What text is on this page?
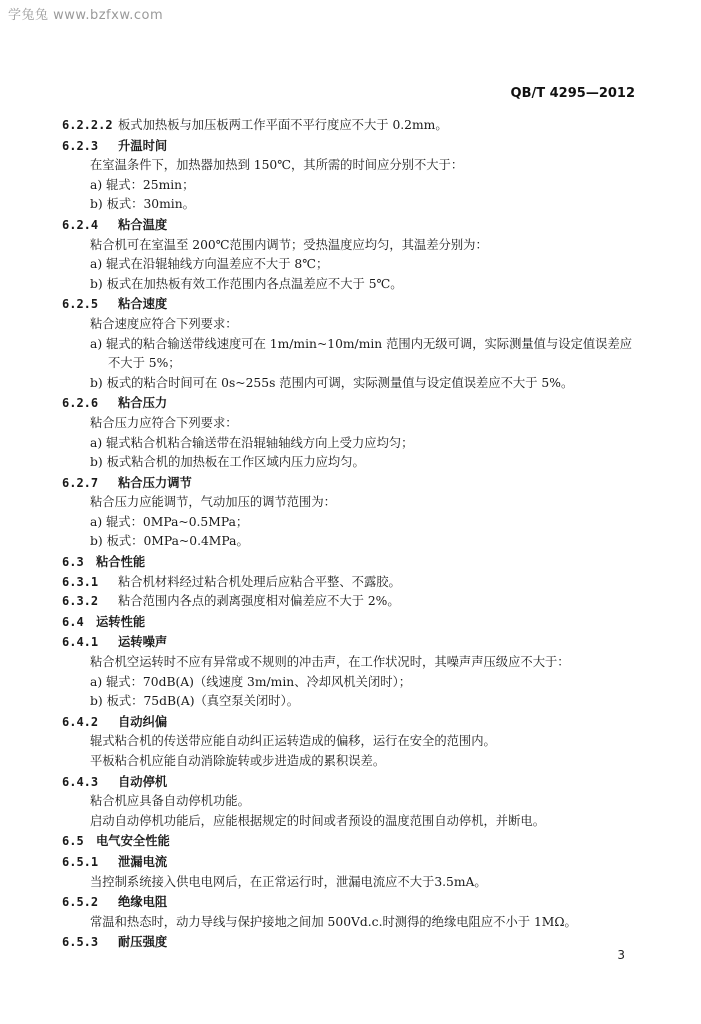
学兔兔 www.bzfxw.com
QB/T 4295—2012
6.2.2.2 板式加热板与加压板两工作平面不平行度应不大于 0.2mm。
6.2.3 升温时间
在室温条件下，加热器加热到 150℃，其所需的时间应分别不大于：
a) 辊式：25min；
b) 板式：30min。
6.2.4 粘合温度
粘合机可在室温至 200℃范围内调节；受热温度应均匀，其温差分别为：
a) 辊式在沿辊轴线方向温差应不大于 8℃；
b) 板式在加热板有效工作范围内各点温差应不大于 5℃。
6.2.5 粘合速度
粘合速度应符合下列要求：
a) 辊式的粘合输送带线速度可在 1m/min~10m/min 范围内无级可调，实际测量值与设定值误差应
不大于 5%；
b) 板式的粘合时间可在 0s~255s 范围内可调，实际测量值与设定值误差应不大于 5%。
6.2.6 粘合压力
粘合压力应符合下列要求：
a) 辊式粘合机粘合输送带在沿辊轴轴线方向上受力应均匀；
b) 板式粘合机的加热板在工作区域内压力应均匀。
6.2.7 粘合压力调节
粘合压力应能调节，气动加压的调节范围为：
a) 辊式：0MPa~0.5MPa；
b) 板式：0MPa~0.4MPa。
6.3 粘合性能
6.3.1 粘合机材料经过粘合机处理后应粘合平整、不露胶。
6.3.2 粘合范围内各点的剥离强度相对偏差应不大于 2%。
6.4 运转性能
6.4.1 运转噪声
粘合机空运转时不应有异常或不规则的冲击声，在工作状况时，其噪声声压级应不大于：
a) 辊式：70dB(A)（线速度 3m/min、冷却风机关闭时）；
b) 板式：75dB(A)（真空泵关闭时）。
6.4.2 自动纠偏
辊式粘合机的传送带应能自动纠正运转造成的偏移，运行在安全的范围内。
平板粘合机应能自动消除旋转或步进造成的累积误差。
6.4.3 自动停机
粘合机应具备自动停机功能。
启动自动停机功能后，应能根据规定的时间或者预设的温度范围自动停机，并断电。
6.5 电气安全性能
6.5.1 泄漏电流
当控制系统接入供电电网后，在正常运行时，泄漏电流应不大于3.5mA。
6.5.2 绝缘电阻
常温和热态时，动力导线与保护接地之间加 500Vd.c.时测得的绝缘电阻应不小于 1MΩ。
6.5.3 耐压强度
3
